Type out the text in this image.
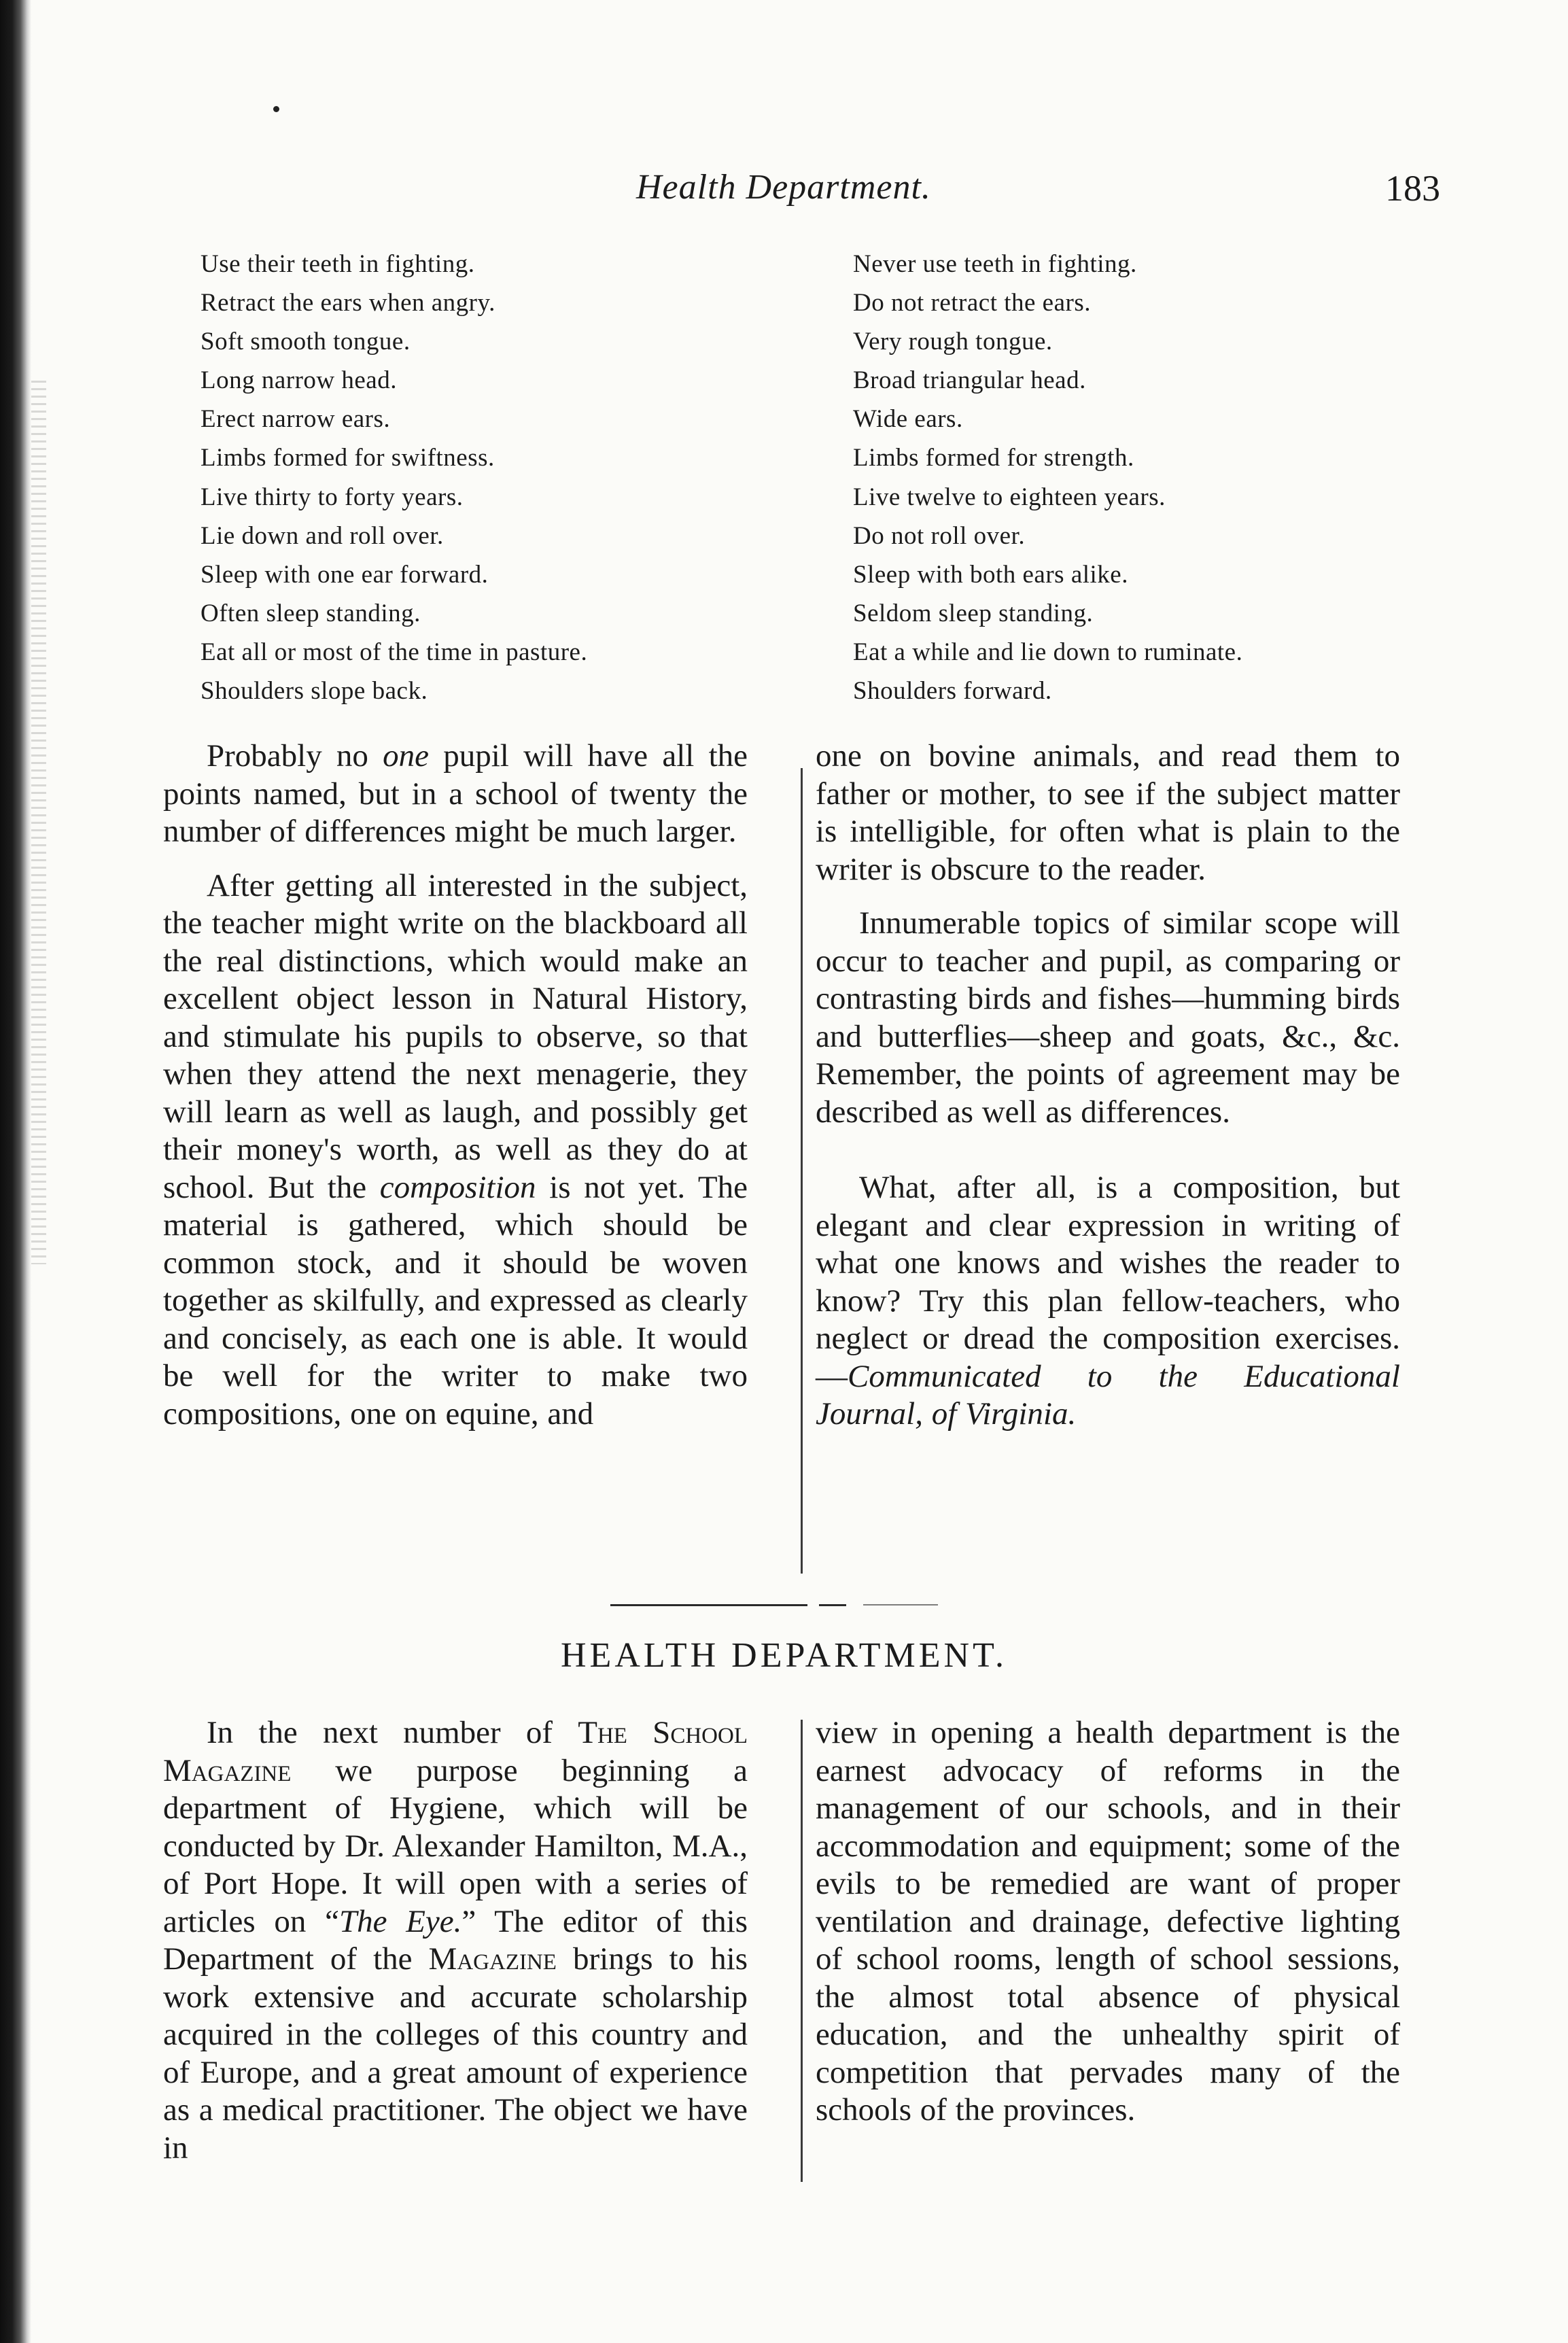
Health Department.	183
Use their teeth in fighting.
Retract the ears when angry.
Soft smooth tongue.
Long narrow head.
Erect narrow ears.
Limbs formed for swiftness.
Live thirty to forty years.
Lie down and roll over.
Sleep with one ear forward.
Often sleep standing.
Eat all or most of the time in pasture.
Shoulders slope back.
Never use teeth in fighting.
Do not retract the ears.
Very rough tongue.
Broad triangular head.
Wide ears.
Limbs formed for strength.
Live twelve to eighteen years.
Do not roll over.
Sleep with both ears alike.
Seldom sleep standing.
Eat a while and lie down to ruminate.
Shoulders forward.

Probably no one pupil will have all the points named, but in a school of twenty the number of differences might be much larger.

After getting all interested in the subject, the teacher might write on the blackboard all the real distinctions, which would make an excellent object lesson in Natural History, and stimulate his pupils to observe, so that when they attend the next menagerie, they will learn as well as laugh, and possibly get their money's worth, as well as they do at school. But the composition is not yet. The material is gathered, which should be common stock, and it should be woven together as skilfully, and expressed as clearly and concisely, as each one is able. It would be well for the writer to make two compositions, one on equine, and

one on bovine animals, and read them to father or mother, to see if the subject matter is intelligible, for often what is plain to the writer is obscure to the reader.

Innumerable topics of similar scope will occur to teacher and pupil, as comparing or contrasting birds and fishes—humming birds and butterflies—sheep and goats, &c., &c. Remember, the points of agreement may be described as well as differences.

What, after all, is a composition, but elegant and clear expression in writing of what one knows and wishes the reader to know? Try this plan fellow-teachers, who neglect or dread the composition exercises.—Communicated to the Educational Journal, of Virginia.

HEALTH DEPARTMENT.

In the next number of The School Magazine we purpose beginning a department of Hygiene, which will be conducted by Dr. Alexander Hamilton, M.A., of Port Hope. It will open with a series of articles on “The Eye.” The editor of this Department of the Magazine brings to his work extensive and accurate scholarship acquired in the colleges of this country and of Europe, and a great amount of experience as a medical practitioner. The object we have in

view in opening a health department is the earnest advocacy of reforms in the management of our schools, and in their accommodation and equipment; some of the evils to be remedied are want of proper ventilation and drainage, defective lighting of school rooms, length of school sessions, the almost total absence of physical education, and the unhealthy spirit of competition that pervades many of the schools of the provinces.
